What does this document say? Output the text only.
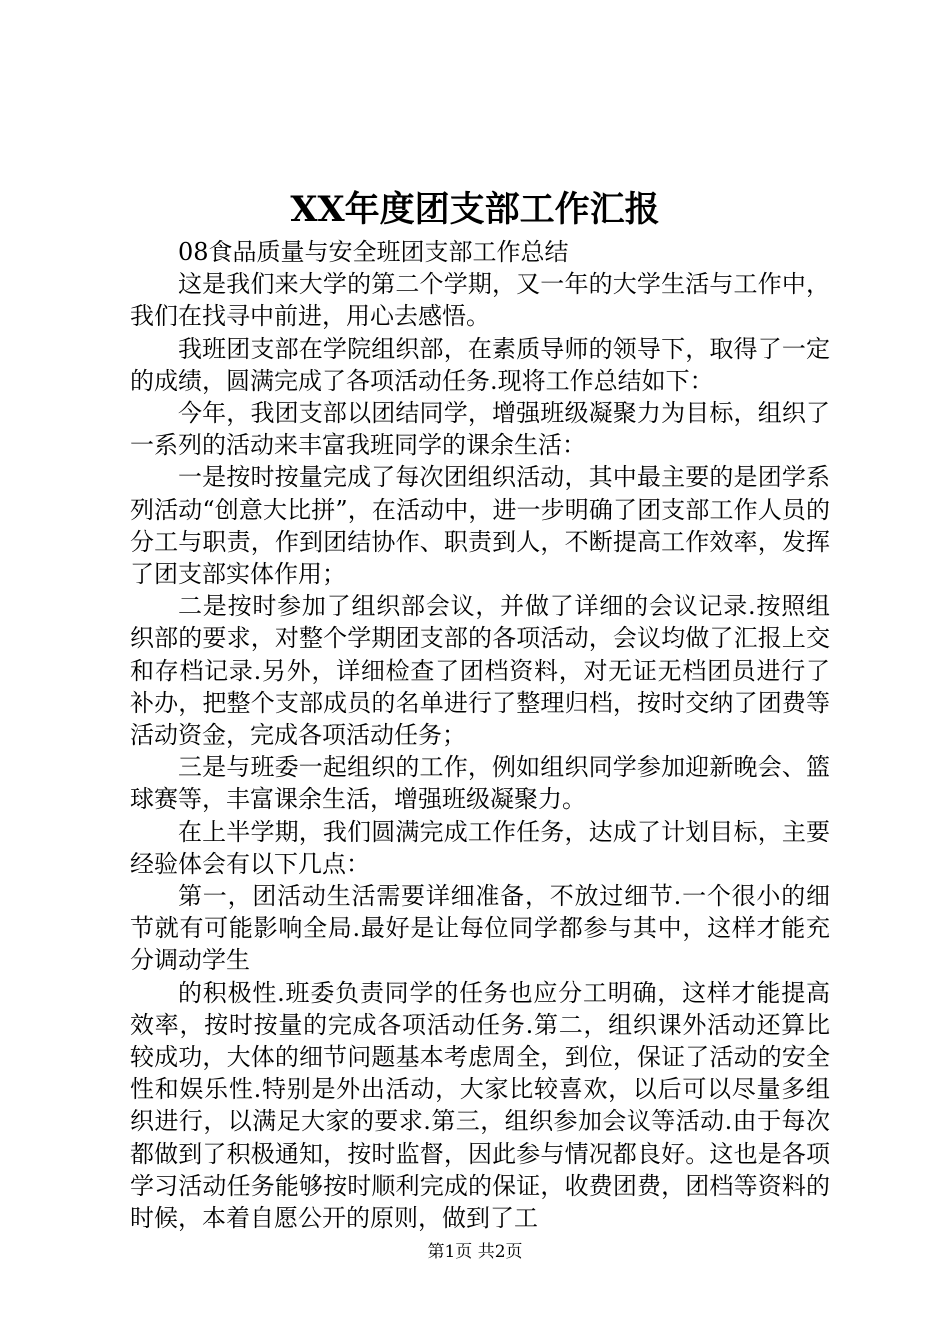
XX年度团支部工作汇报

08食品质量与安全班团支部工作总结

这是我们来大学的第二个学期，又一年的大学生活与工作中，我们在找寻中前进，用心去感悟。

我班团支部在学院组织部，在素质导师的领导下，取得了一定的成绩，圆满完成了各项活动任务.现将工作总结如下：

今年，我团支部以团结同学，增强班级凝聚力为目标，组织了一系列的活动来丰富我班同学的课余生活：

一是按时按量完成了每次团组织活动，其中最主要的是团学系列活动“创意大比拼”，在活动中，进一步明确了团支部工作人员的分工与职责，作到团结协作、职责到人，不断提高工作效率，发挥了团支部实体作用；

二是按时参加了组织部会议，并做了详细的会议记录.按照组织部的要求，对整个学期团支部的各项活动，会议均做了汇报上交和存档记录.另外，详细检查了团档资料，对无证无档团员进行了补办，把整个支部成员的名单进行了整理归档，按时交纳了团费等活动资金，完成各项活动任务；

三是与班委一起组织的工作，例如组织同学参加迎新晚会、篮球赛等，丰富课余生活，增强班级凝聚力。

在上半学期，我们圆满完成工作任务，达成了计划目标，主要经验体会有以下几点：

第一，团活动生活需要详细准备，不放过细节.一个很小的细节就有可能影响全局.最好是让每位同学都参与其中，这样才能充分调动学生

的积极性.班委负责同学的任务也应分工明确，这样才能提高效率，按时按量的完成各项活动任务.第二，组织课外活动还算比较成功，大体的细节问题基本考虑周全，到位，保证了活动的安全性和娱乐性.特别是外出活动，大家比较喜欢，以后可以尽量多组织进行，以满足大家的要求.第三，组织参加会议等活动.由于每次都做到了积极通知，按时监督，因此参与情况都良好。这也是各项学习活动任务能够按时顺利完成的保证，收费团费，团档等资料的时候，本着自愿公开的原则，做到了工

第1页 共2页
